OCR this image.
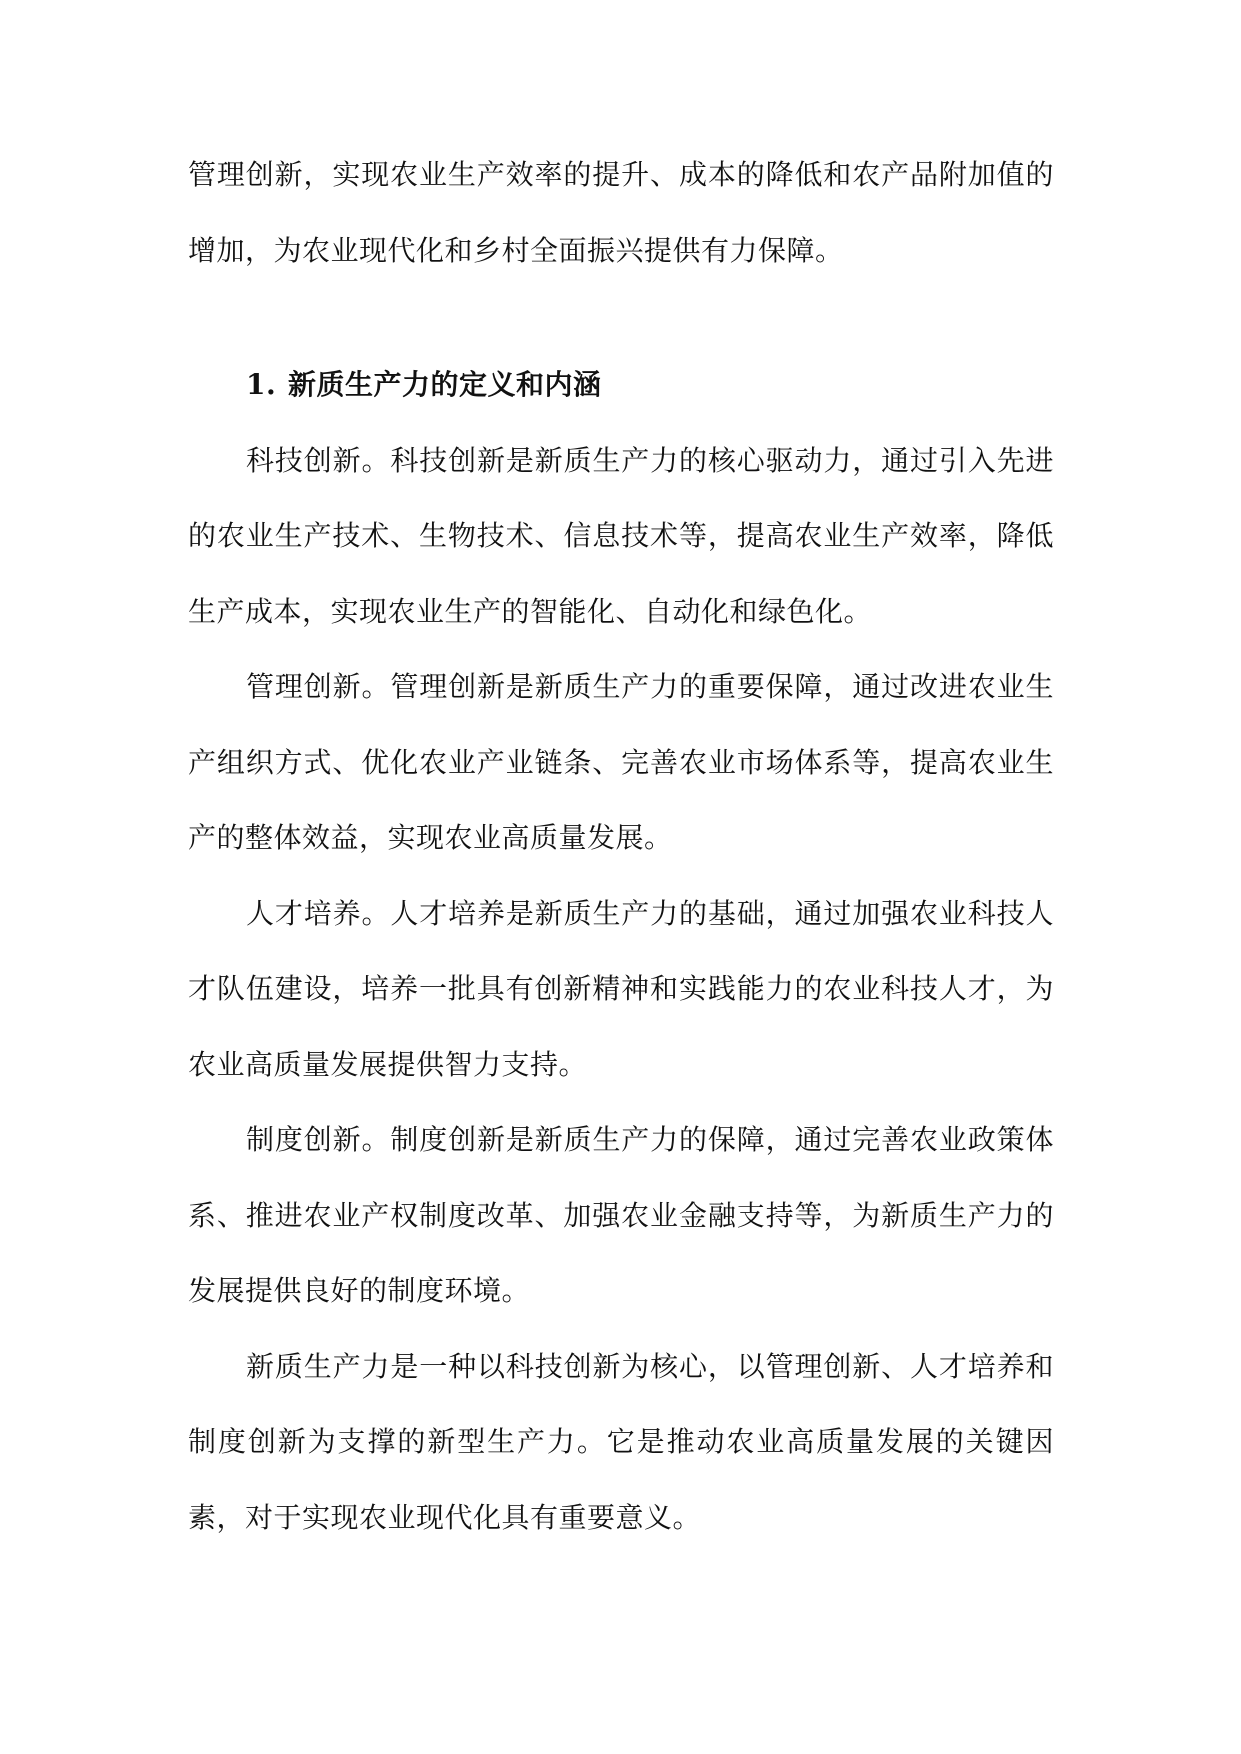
管理创新，实现农业生产效率的提升、成本的降低和农产品附加值的增加，为农业现代化和乡村全面振兴提供有力保障。

1. 新质生产力的定义和内涵

科技创新。科技创新是新质生产力的核心驱动力，通过引入先进的农业生产技术、生物技术、信息技术等，提高农业生产效率，降低生产成本，实现农业生产的智能化、自动化和绿色化。

管理创新。管理创新是新质生产力的重要保障，通过改进农业生产组织方式、优化农业产业链条、完善农业市场体系等，提高农业生产的整体效益，实现农业高质量发展。

人才培养。人才培养是新质生产力的基础，通过加强农业科技人才队伍建设，培养一批具有创新精神和实践能力的农业科技人才，为农业高质量发展提供智力支持。

制度创新。制度创新是新质生产力的保障，通过完善农业政策体系、推进农业产权制度改革、加强农业金融支持等，为新质生产力的发展提供良好的制度环境。

新质生产力是一种以科技创新为核心，以管理创新、人才培养和制度创新为支撑的新型生产力。它是推动农业高质量发展的关键因素，对于实现农业现代化具有重要意义。
